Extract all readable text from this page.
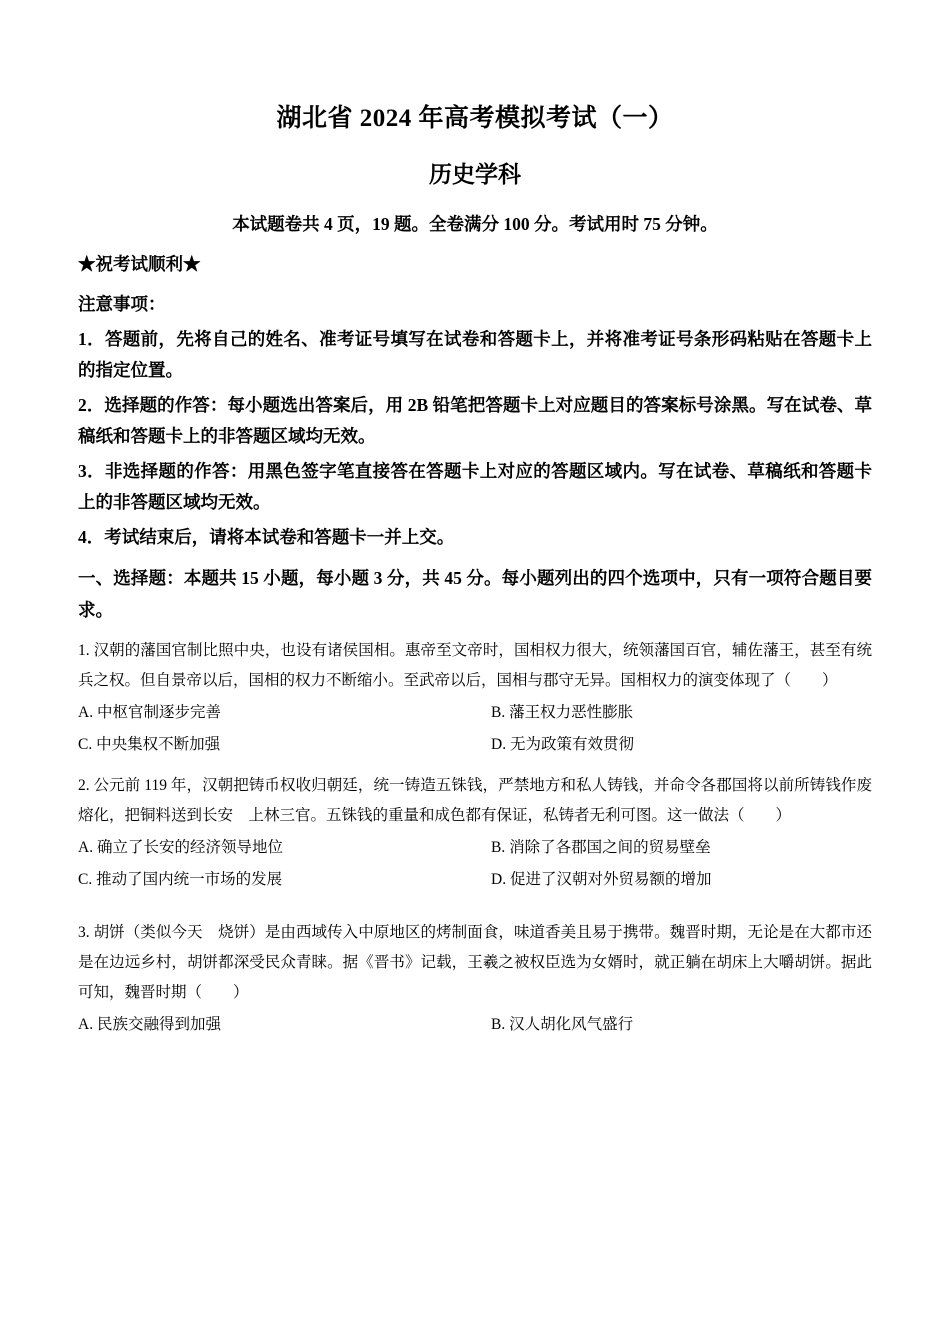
湖北省 2024 年高考模拟考试（一）
历史学科

本试题卷共 4 页，19 题。全卷满分 100 分。考试用时 75 分钟。

★祝考试顺利★

注意事项：

1．答题前，先将自己的姓名、准考证号填写在试卷和答题卡上，并将准考证号条形码粘贴在答题卡上的指定位置。

2．选择题的作答：每小题选出答案后，用 2B 铅笔把答题卡上对应题目的答案标号涂黑。写在试卷、草稿纸和答题卡上的非答题区域均无效。

3．非选择题的作答：用黑色签字笔直接答在答题卡上对应的答题区域内。写在试卷、草稿纸和答题卡上的非答题区域均无效。

4．考试结束后，请将本试卷和答题卡一并上交。

一、选择题：本题共 15 小题，每小题 3 分，共 45 分。每小题列出的四个选项中，只有一项符合题目要求。

1. 汉朝的藩国官制比照中央，也设有诸侯国相。惠帝至文帝时，国相权力很大，统领藩国百官，辅佐藩王，甚至有统兵之权。但自景帝以后，国相的权力不断缩小。至武帝以后，国相与郡守无异。国相权力的演变体现了（　　）

A. 中枢官制逐步完善	B. 藩王权力恶性膨胀
C. 中央集权不断加强	D. 无为政策有效贯彻

2. 公元前 119 年，汉朝把铸币权收归朝廷，统一铸造五铢钱，严禁地方和私人铸钱，并命令各郡国将以前所铸钱作废熔化，把铜料送到长安　上林三官。五铢钱的重量和成色都有保证，私铸者无利可图。这一做法（　　）

A. 确立了长安的经济领导地位	B. 消除了各郡国之间的贸易壁垒
C. 推动了国内统一市场的发展	D. 促进了汉朝对外贸易额的增加

3. 胡饼（类似今天　烧饼）是由西域传入中原地区的烤制面食，味道香美且易于携带。魏晋时期，无论是在大都市还是在边远乡村，胡饼都深受民众青睐。据《晋书》记载，王羲之被权臣选为女婿时，就正躺在胡床上大嚼胡饼。据此可知，魏晋时期（　　）

A. 民族交融得到加强	B. 汉人胡化风气盛行
